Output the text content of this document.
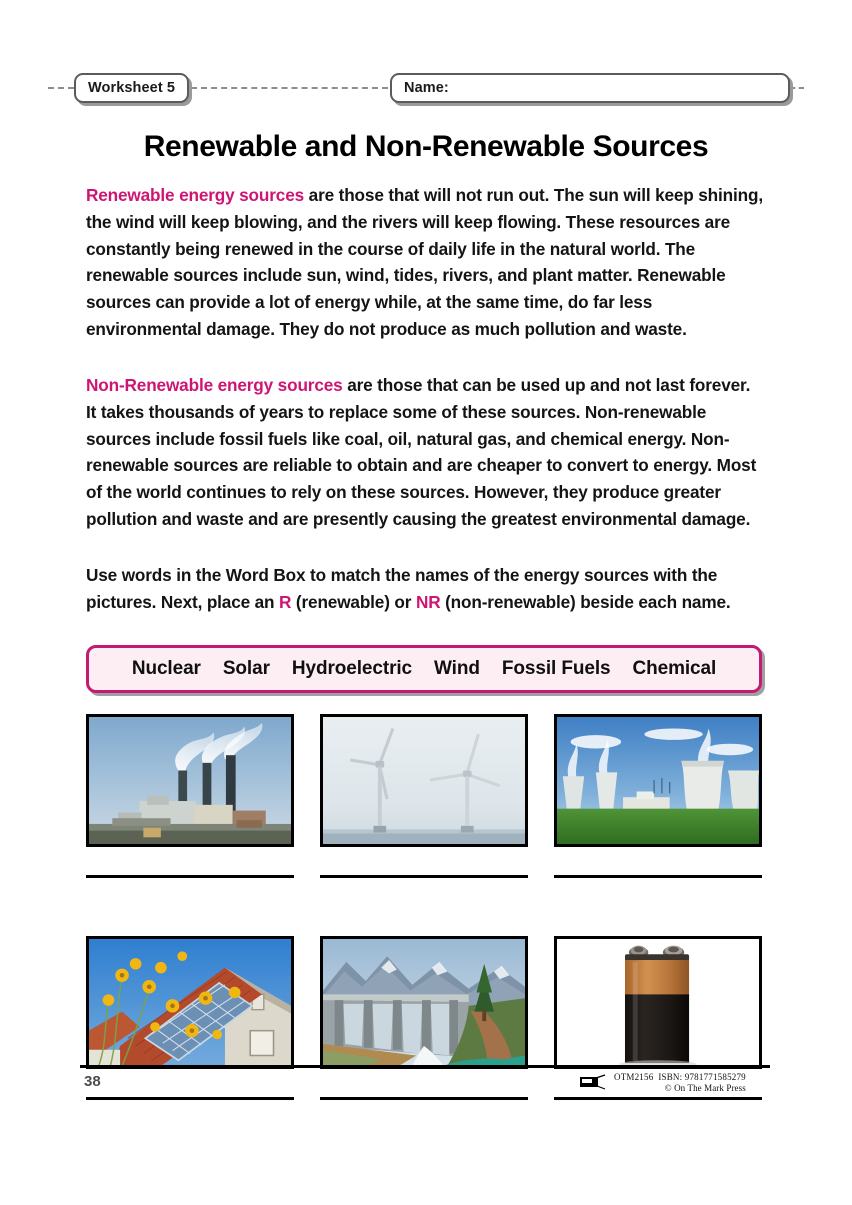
Worksheet 5	Name:
Renewable and Non-Renewable Sources
Renewable energy sources are those that will not run out. The sun will keep shining, the wind will keep blowing, and the rivers will keep flowing. These resources are constantly being renewed in the course of daily life in the natural world. The renewable sources include sun, wind, tides, rivers, and plant matter. Renewable sources can provide a lot of energy while, at the same time, do far less environmental damage. They do not produce as much pollution and waste.
Non-Renewable energy sources are those that can be used up and not last forever. It takes thousands of years to replace some of these sources. Non-renewable sources include fossil fuels like coal, oil, natural gas, and chemical energy. Non-renewable sources are reliable to obtain and are cheaper to convert to energy. Most of the world continues to rely on these sources. However, they produce greater pollution and waste and are presently causing the greatest environmental damage.
Use words in the Word Box to match the names of the energy sources with the pictures. Next, place an R (renewable) or NR (non-renewable) beside each name.
Nuclear Solar Hydroelectric Wind Fossil Fuels Chemical
38	OTM2156 ISBN: 9781771585279
© On The Mark Press
